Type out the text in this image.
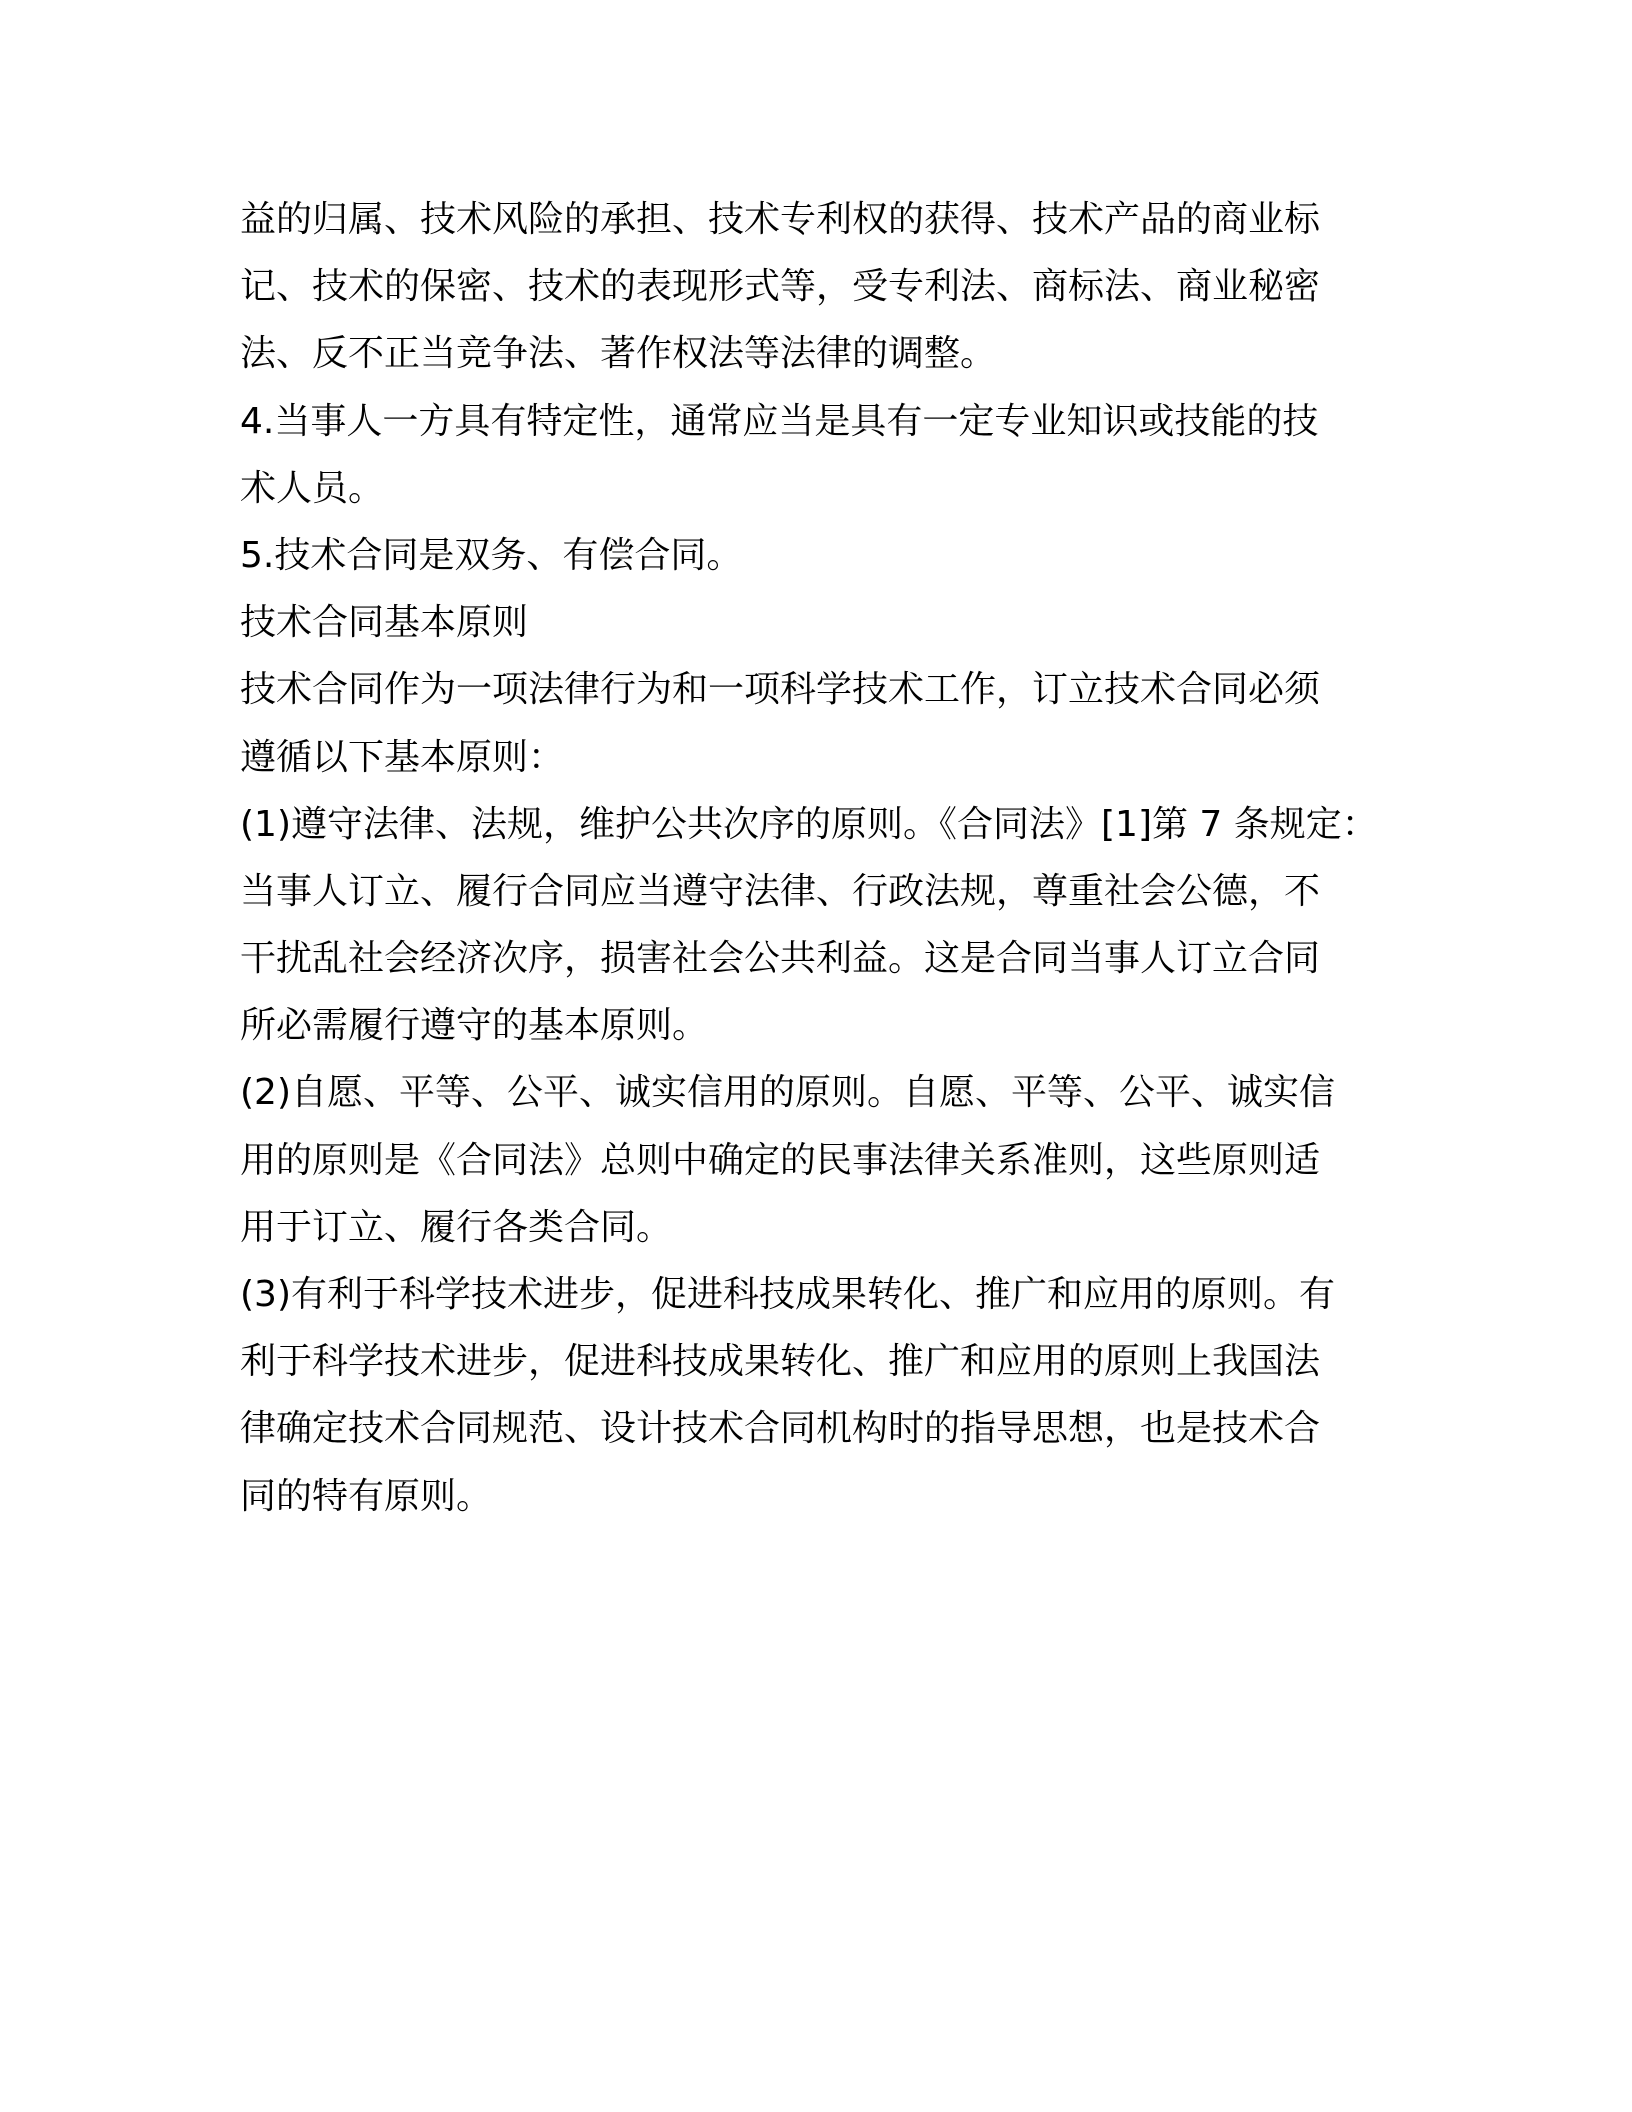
益的归属、技术风险的承担、技术专利权的获得、技术产品的商业标
记、技术的保密、技术的表现形式等，受专利法、商标法、商业秘密
法、反不正当竞争法、著作权法等法律的调整。
4.当事人一方具有特定性，通常应当是具有一定专业知识或技能的技
术人员。
5.技术合同是双务、有偿合同。
技术合同基本原则
技术合同作为一项法律行为和一项科学技术工作，订立技术合同必须
遵循以下基本原则：
(1)遵守法律、法规，维护公共次序的原则。《合同法》[1]第 7 条规定：
当事人订立、履行合同应当遵守法律、行政法规，尊重社会公德，不
干扰乱社会经济次序，损害社会公共利益。这是合同当事人订立合同
所必需履行遵守的基本原则。
(2)自愿、平等、公平、诚实信用的原则。自愿、平等、公平、诚实信
用的原则是《合同法》总则中确定的民事法律关系准则，这些原则适
用于订立、履行各类合同。
(3)有利于科学技术进步，促进科技成果转化、推广和应用的原则。有
利于科学技术进步，促进科技成果转化、推广和应用的原则上我国法
律确定技术合同规范、设计技术合同机构时的指导思想，也是技术合
同的特有原则。
